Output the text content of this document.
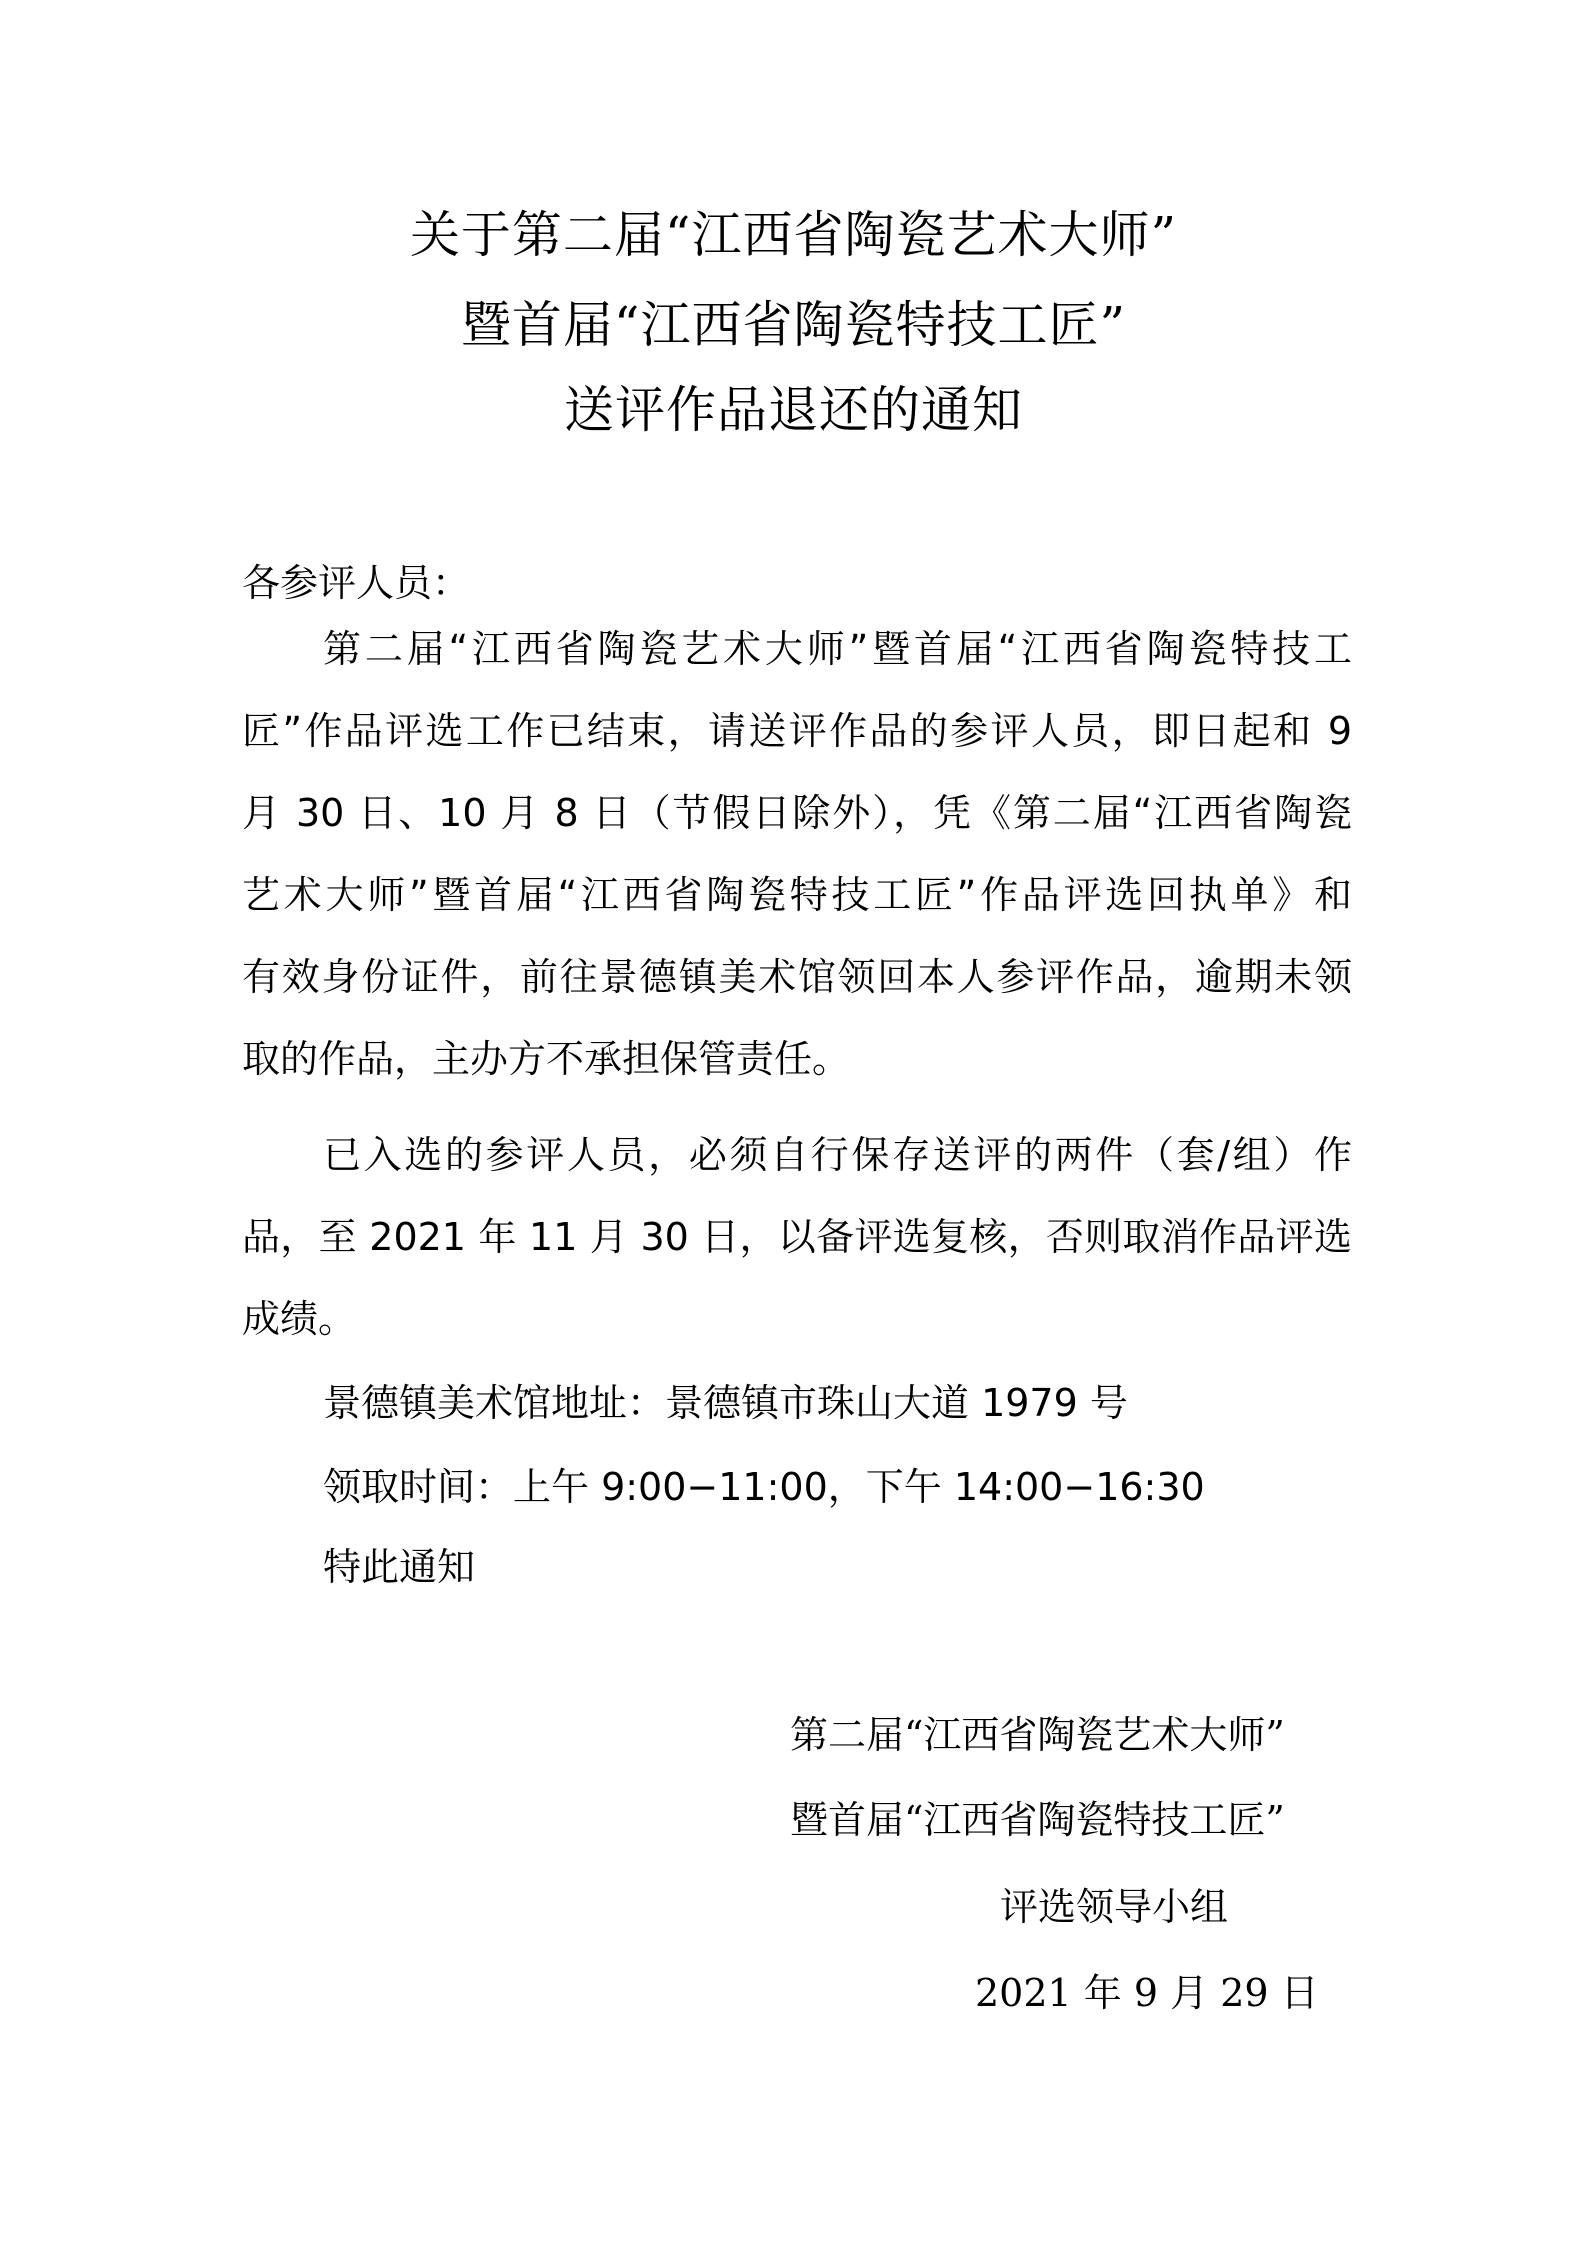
关于第二届“江西省陶瓷艺术大师”
暨首届“江西省陶瓷特技工匠”
送评作品退还的通知
各参评人员：
第二届“江西省陶瓷艺术大师”暨首届“江西省陶瓷特技工
匠”作品评选工作已结束，请送评作品的参评人员，即日起和 9
月 30 日、10 月 8 日（节假日除外），凭《第二届“江西省陶瓷
艺术大师”暨首届“江西省陶瓷特技工匠”作品评选回执单》和
有效身份证件，前往景德镇美术馆领回本人参评作品，逾期未领
取的作品，主办方不承担保管责任。
已入选的参评人员，必须自行保存送评的两件（套/组）作
品，至 2021 年 11 月 30 日，以备评选复核，否则取消作品评选
成绩。
景德镇美术馆地址：景德镇市珠山大道 1979 号
领取时间：上午 9:00−11:00，下午 14:00−16:30
特此通知
第二届“江西省陶瓷艺术大师”
暨首届“江西省陶瓷特技工匠”
评选领导小组
2021 年 9 月 29 日
